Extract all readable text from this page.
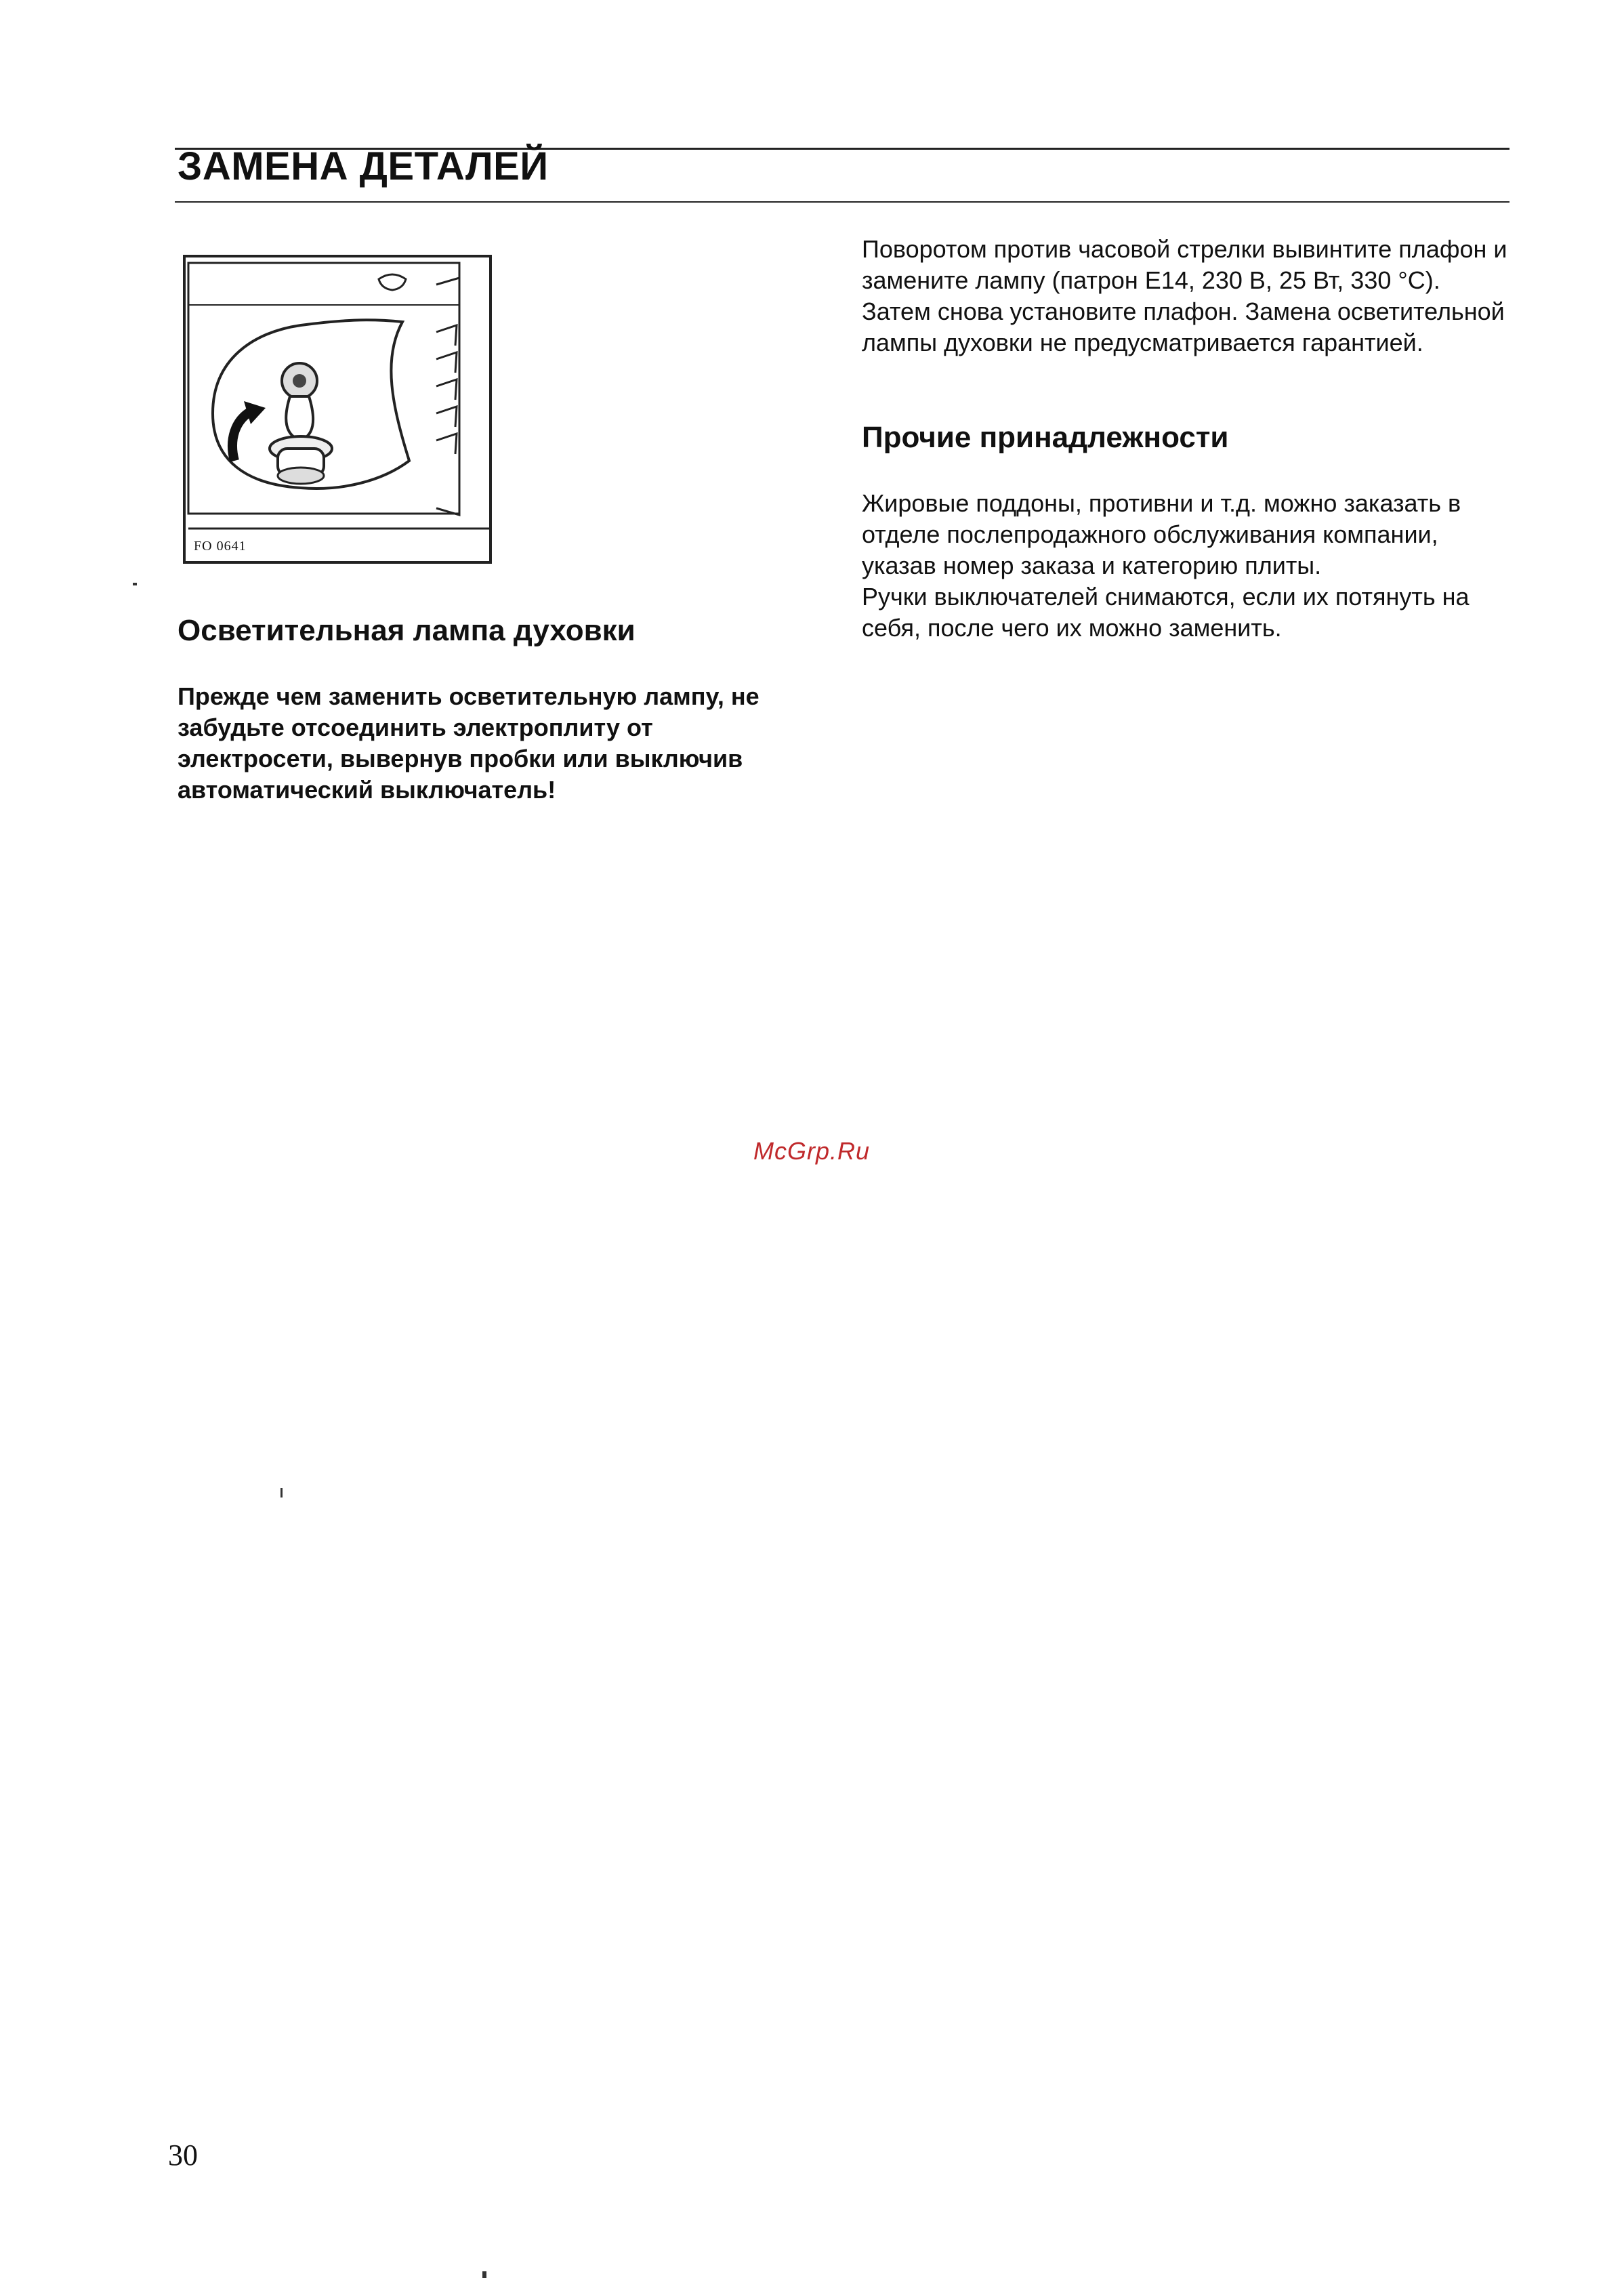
ЗАМЕНА ДЕТАЛЕЙ
FO 0641
Осветительная лампа духовки

Прежде чем заменить осветительную лампу, не забудьте отсоединить электроплиту от электросети, вывернув пробки или выключив автоматический выключатель!

Поворотом против часовой стрелки вывинтите плафон и замените лампу (патрон E14, 230 B, 25 Вт, 330 °C). Затем снова установите плафон. Замена осветительной лампы духовки не предусматривается гарантией.

Прочие принадлежности

Жировые поддоны, противни и т.д. можно заказать в отделе послепродажного обслуживания компании, указав номер заказа и категорию плиты.

Ручки выключателей снимаются, если их потянуть на себя, после чего их можно заменить.

McGrp.Ru
30
